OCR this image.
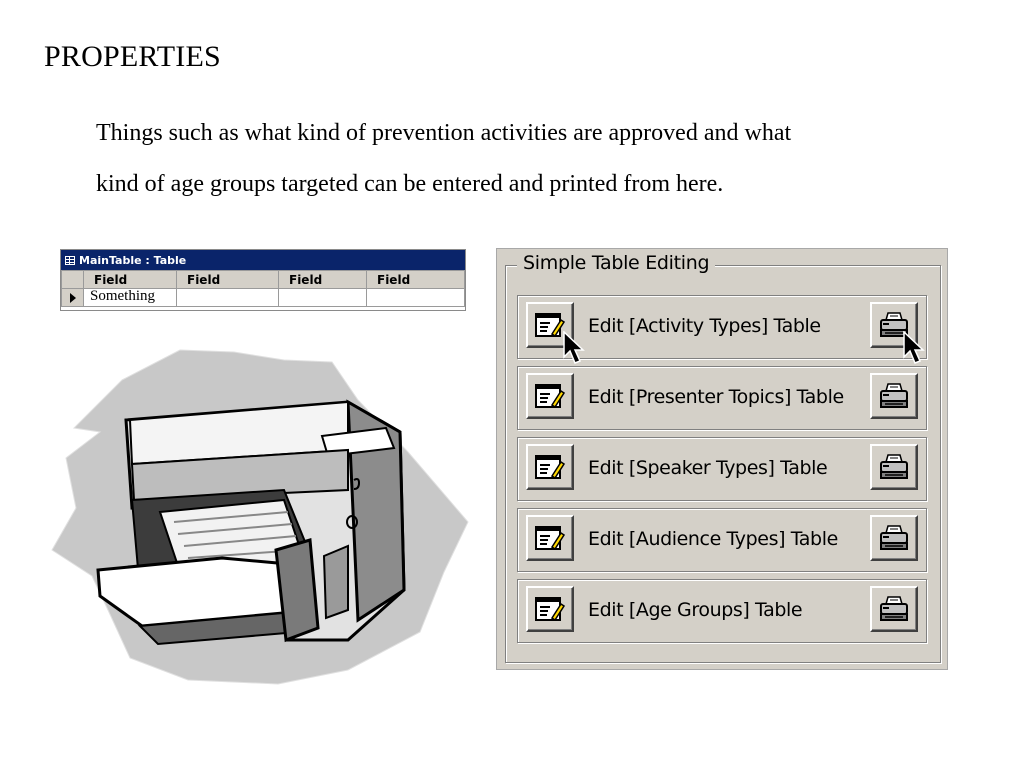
PROPERTIES

Things such as what kind of prevention activities are approved and what

kind of age groups targeted can be entered and printed from here.

MainTable : Table
	Field	Field	Field	Field

	Something			
Simple Table Editing
Edit [Activity Types] Table
Edit [Presenter Topics] Table
Edit [Speaker Types] Table
Edit [Audience Types] Table
Edit [Age Groups] Table
